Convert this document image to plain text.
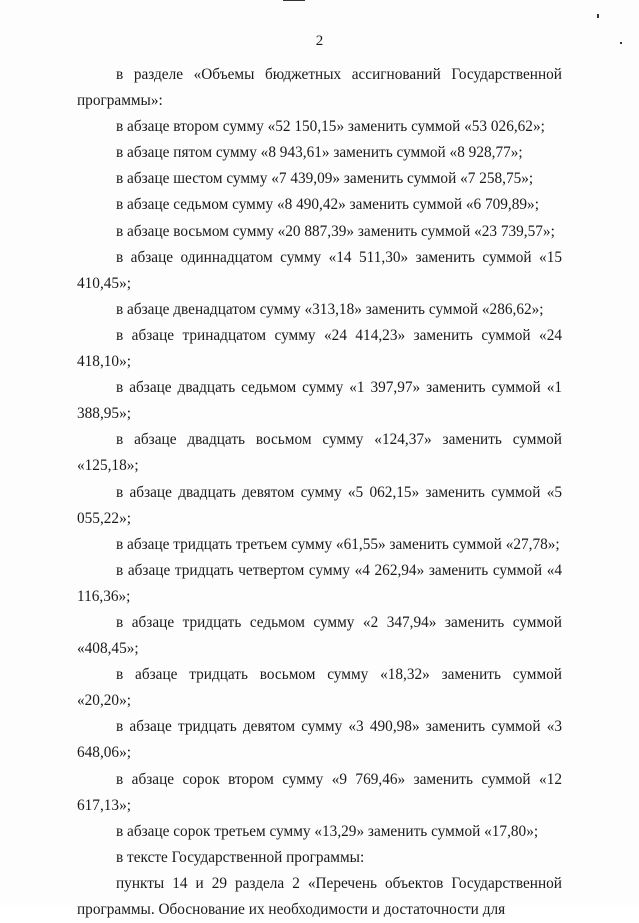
2

в разделе «Объемы бюджетных ассигнований Государственной программы»:

в абзаце втором сумму «52 150,15» заменить суммой «53 026,62»;

в абзаце пятом сумму «8 943,61» заменить суммой «8 928,77»;

в абзаце шестом сумму «7 439,09» заменить суммой «7 258,75»;

в абзаце седьмом сумму «8 490,42» заменить суммой «6 709,89»;

в абзаце восьмом сумму «20 887,39» заменить суммой «23 739,57»;

в абзаце одиннадцатом сумму «14 511,30» заменить суммой «15 410,45»;

в абзаце двенадцатом сумму «313,18» заменить суммой «286,62»;

в абзаце тринадцатом сумму «24 414,23» заменить суммой «24 418,10»;

в абзаце двадцать седьмом сумму «1 397,97» заменить суммой «1 388,95»;

в абзаце двадцать восьмом сумму «124,37» заменить суммой «125,18»;

в абзаце двадцать девятом сумму «5 062,15» заменить суммой «5 055,22»;

в абзаце тридцать третьем сумму «61,55» заменить суммой «27,78»;

в абзаце тридцать четвертом сумму «4 262,94» заменить суммой «4 116,36»;

в абзаце тридцать седьмом сумму «2 347,94» заменить суммой «408,45»;

в абзаце тридцать восьмом сумму «18,32» заменить суммой «20,20»;

в абзаце тридцать девятом сумму «3 490,98» заменить суммой «3 648,06»;

в абзаце сорок втором сумму «9 769,46» заменить суммой «12 617,13»;

в абзаце сорок третьем сумму «13,29» заменить суммой «17,80»;

в тексте Государственной программы:

пункты 14 и 29 раздела 2 «Перечень объектов Государственной программы. Обоснование их необходимости и достаточности для
